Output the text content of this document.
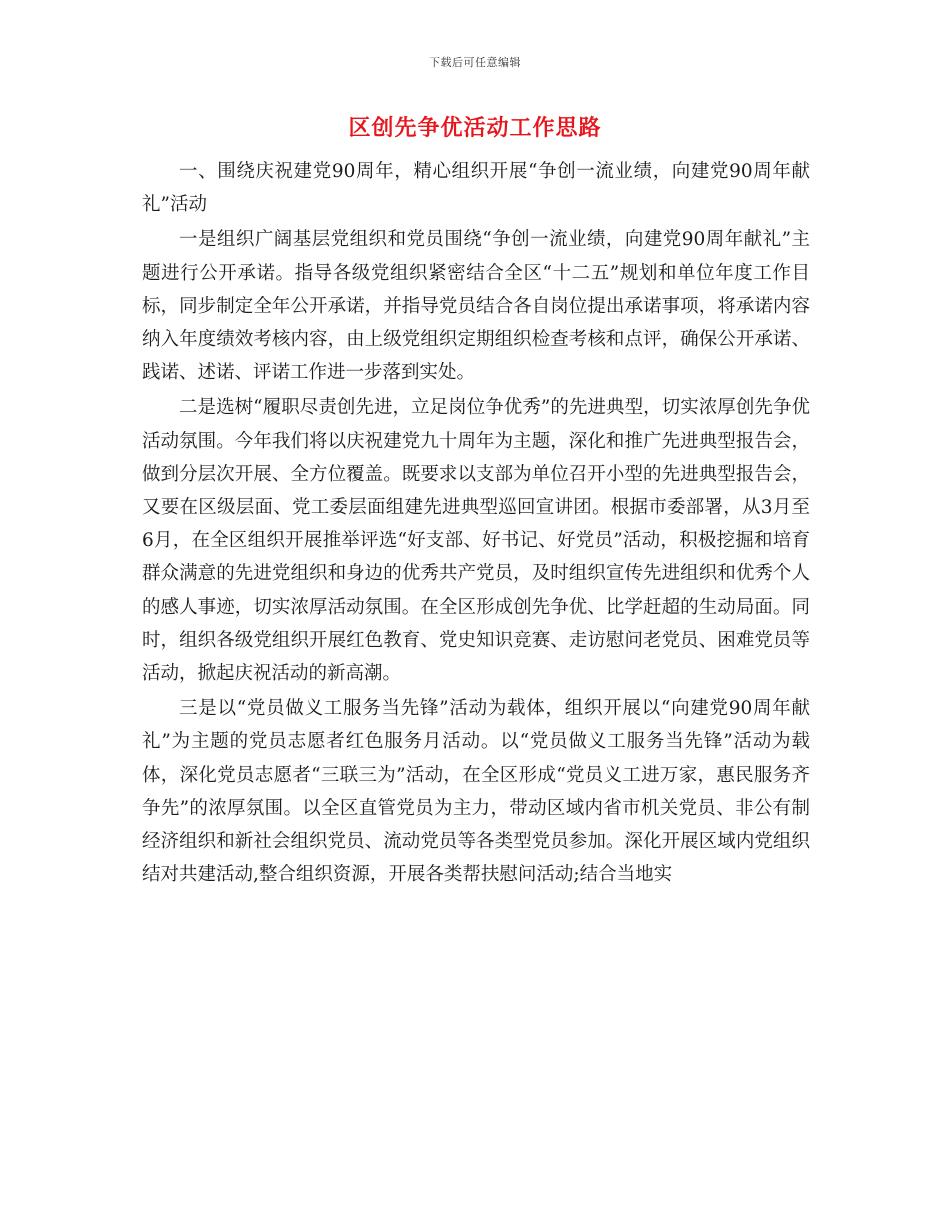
下载后可任意编辑
区创先争优活动工作思路

一、围绕庆祝建党90周年，精心组织开展“争创一流业绩，向建党90周年献礼”活动

一是组织广阔基层党组织和党员围绕“争创一流业绩，向建党90周年献礼”主题进行公开承诺。指导各级党组织紧密结合全区“十二五”规划和单位年度工作目标，同步制定全年公开承诺，并指导党员结合各自岗位提出承诺事项，将承诺内容纳入年度绩效考核内容，由上级党组织定期组织检查考核和点评，确保公开承诺、践诺、述诺、评诺工作进一步落到实处。

二是选树“履职尽责创先进，立足岗位争优秀”的先进典型，切实浓厚创先争优活动氛围。今年我们将以庆祝建党九十周年为主题，深化和推广先进典型报告会，做到分层次开展、全方位覆盖。既要求以支部为单位召开小型的先进典型报告会，又要在区级层面、党工委层面组建先进典型巡回宣讲团。根据市委部署，从3月至6月，在全区组织开展推举评选“好支部、好书记、好党员”活动，积极挖掘和培育群众满意的先进党组织和身边的优秀共产党员，及时组织宣传先进组织和优秀个人的感人事迹，切实浓厚活动氛围。在全区形成创先争优、比学赶超的生动局面。同时，组织各级党组织开展红色教育、党史知识竞赛、走访慰问老党员、困难党员等活动，掀起庆祝活动的新高潮。

三是以“党员做义工服务当先锋”活动为载体，组织开展以“向建党90周年献礼”为主题的党员志愿者红色服务月活动。以“党员做义工服务当先锋”活动为载体，深化党员志愿者“三联三为”活动，在全区形成“党员义工进万家，惠民服务齐争先”的浓厚氛围。以全区直管党员为主力，带动区域内省市机关党员、非公有制经济组织和新社会组织党员、流动党员等各类型党员参加。深化开展区域内党组织结对共建活动,整合组织资源，开展各类帮扶慰问活动;结合当地实
